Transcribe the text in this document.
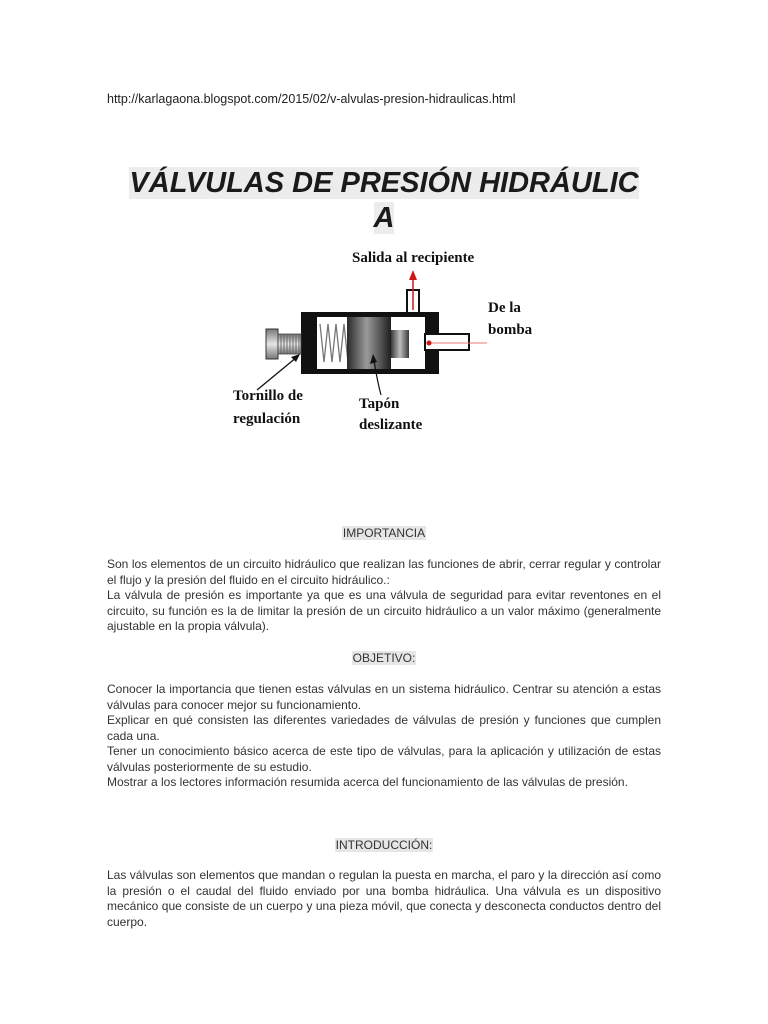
http://karlagaona.blogspot.com/2015/02/v-alvulas-presion-hidraulicas.html
VÁLVULAS DE PRESIÓN HIDRÁULIC
A
Salida al recipiente
De la
bomba
Tornillo de
regulación
Tapón
deslizante
IMPORTANCIA

Son los elementos de un circuito hidráulico que realizan las funciones de abrir, cerrar regular y controlar el flujo y la presión del fluido en el circuito hidráulico.:

La válvula de presión es importante ya que es una válvula de seguridad para evitar reventones en el circuito, su función es la de limitar la presión de un circuito hidráulico a un valor máximo (generalmente ajustable en la propia válvula).

OBJETIVO:

Conocer la importancia que tienen estas válvulas en un sistema hidráulico. Centrar su atención a estas válvulas para conocer mejor su funcionamiento.

Explicar en qué consisten las diferentes variedades de válvulas de presión y funciones que cumplen cada una.

Tener un conocimiento básico acerca de este tipo de válvulas, para la aplicación y utilización de estas válvulas posteriormente de su estudio.

Mostrar a los lectores información resumida acerca del funcionamiento de las válvulas de presión.

INTRODUCCIÓN:

Las válvulas son elementos que mandan o regulan la puesta en marcha, el paro y la dirección así como la presión o el caudal del fluido enviado por una bomba hidráulica. Una válvula es un dispositivo mecánico que consiste de un cuerpo y una pieza móvil, que conecta y desconecta conductos dentro del cuerpo.
